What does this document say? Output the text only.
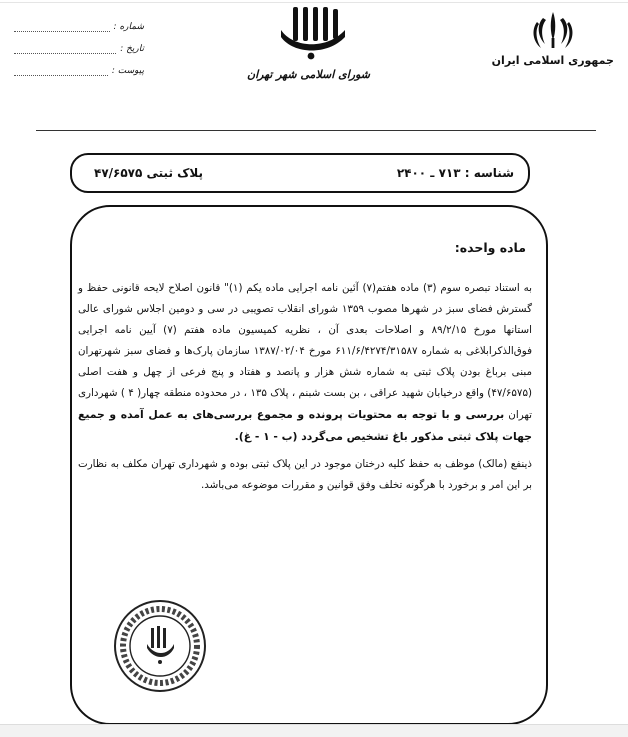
جمهوری اسلامی ایران
شورای اسلامی شهر تهران
شماره :
تاریخ :
پیوست :
شناسه : ۷۱۳ ـ ۲۴۰۰
پلاک ثبتی ۴۷/۶۵۷۵
ماده واحده:

به استناد تبصره سوم (۳) ماده هفتم(۷) آئین نامه اجرایی ماده یکم (۱)" قانون اصلاح لایحه قانونی حفظ و گسترش فضای سبز در شهرها مصوب ۱۳۵۹ شورای انقلاب تصویبی در سی و دومین اجلاس شورای عالی استانها مورخ ۸۹/۲/۱۵ و اصلاحات بعدی آن ، نظریه کمیسیون ماده هفتم (۷) آیین نامه اجرایی فوق‌الذکرابلاغی به شماره ۶۱۱/۶/۴۲۷۴/۳۱۵۸۷ مورخ ۱۳۸۷/۰۲/۰۴ سازمان پارک‌ها و فضای سبز شهرتهران مبنی برباغ بودن پلاک ثبتی به شماره شش هزار و پانصد و هفتاد و پنج فرعی از چهل و هفت اصلی (۴۷/۶۵۷۵) واقع درخیابان شهید عراقی ، بن بست شبنم ، پلاک ۱۳۵ ، در محدوده منطقه چهار( ۴ ) شهرداری تهران بررسی و با توجه به محتویات پرونده و مجموع بررسی‌های به عمل آمده و جمیع جهات پلاک ثبتی مذکور باغ تشخیص می‌گردد (ب - ۱ - غ).

ذینفع (مالک) موظف به حفظ کلیه درختان موجود در این پلاک ثبتی بوده و شهرداری تهران مکلف به نظارت بر این امر و برخورد با هرگونه تخلف وفق قوانین و مقررات موضوعه می‌باشد.
